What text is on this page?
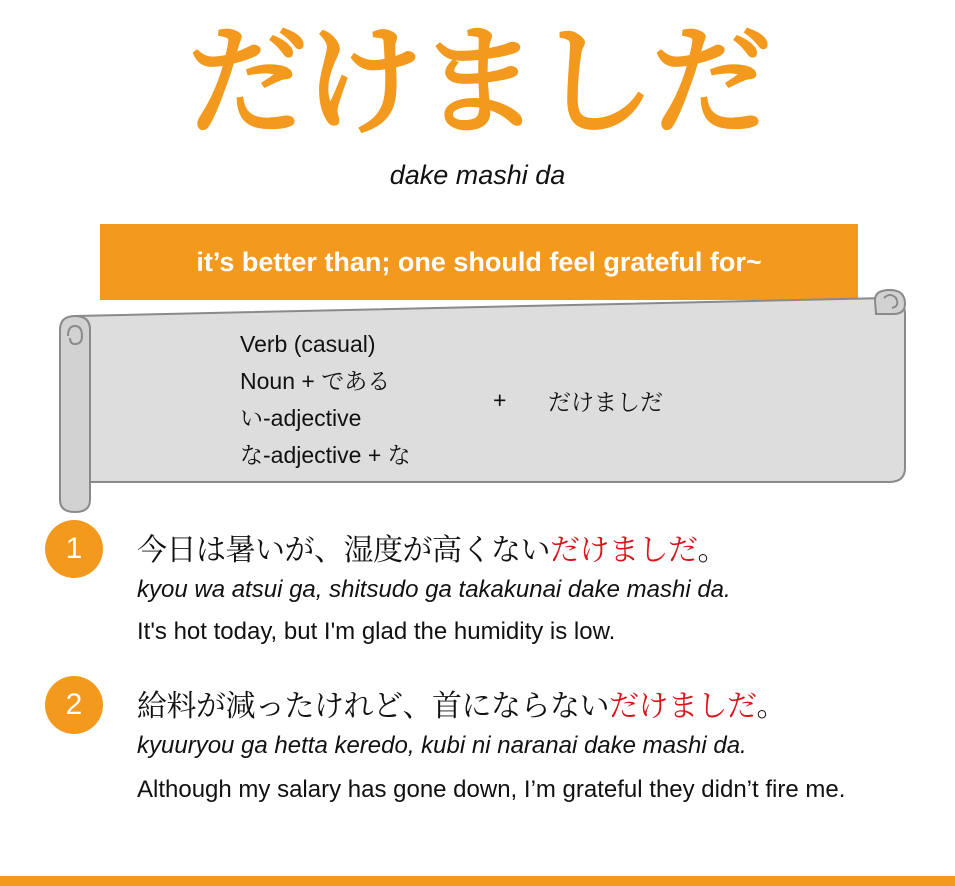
だけましだ
dake mashi da
it’s better than; one should feel grateful for~
Verb (casual)
Noun + である
い-adjective
な-adjective + な
+ だけましだ
1	今日は暑いが、湿度が高くないだけましだ。
kyou wa atsui ga, shitsudo ga takakunai dake mashi da.
It's hot today, but I'm glad the humidity is low.
2	給料が減ったけれど、首にならないだけましだ。
kyuuryou ga hetta keredo, kubi ni naranai dake mashi da.
Although my salary has gone down, I’m grateful they didn’t fire me.
